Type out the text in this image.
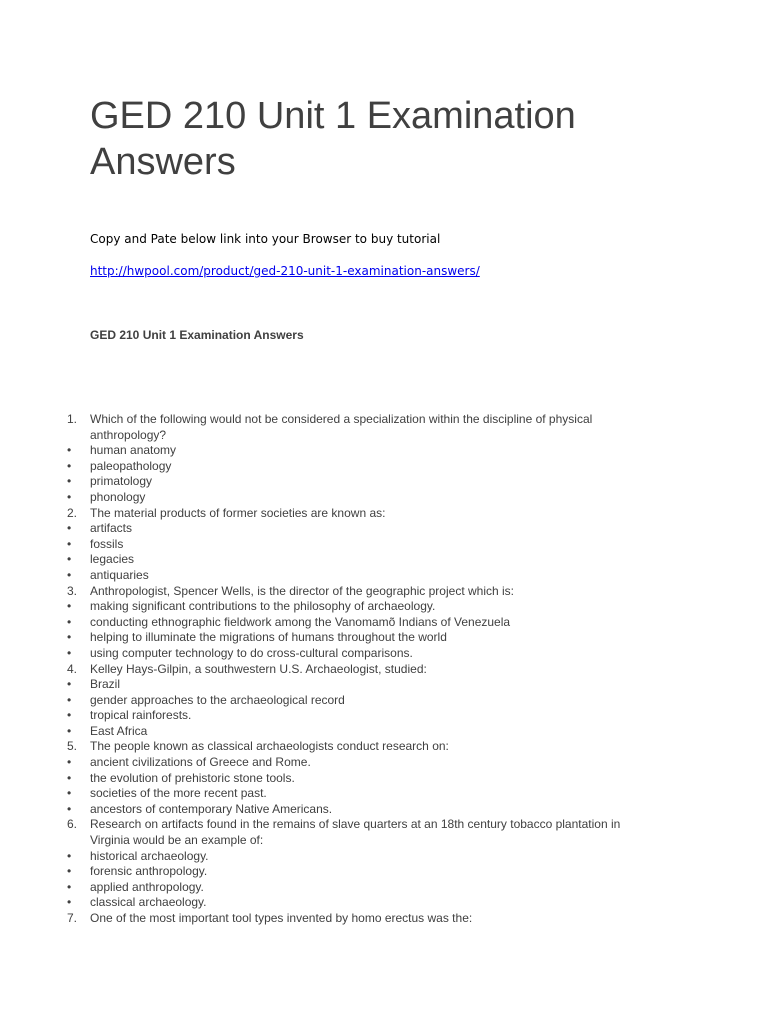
GED 210 Unit 1 Examination Answers

Copy and Pate below link into your Browser to buy tutorial

http://hwpool.com/product/ged-210-unit-1-examination-answers/

GED 210 Unit 1 Examination Answers

1. Which of the following would not be considered a specialization within the discipline of physical anthropology?
• human anatomy
• paleopathology
• primatology
• phonology
2. The material products of former societies are known as:
• artifacts
• fossils
• legacies
• antiquaries
3. Anthropologist, Spencer Wells, is the director of the geographic project which is:
• making significant contributions to the philosophy of archaeology.
• conducting ethnographic fieldwork among the Vanomamõ Indians of Venezuela
• helping to illuminate the migrations of humans throughout the world
• using computer technology to do cross-cultural comparisons.
4. Kelley Hays-Gilpin, a southwestern U.S. Archaeologist, studied:
• Brazil
• gender approaches to the archaeological record
• tropical rainforests.
• East Africa
5. The people known as classical archaeologists conduct research on:
• ancient civilizations of Greece and Rome.
• the evolution of prehistoric stone tools.
• societies of the more recent past.
• ancestors of contemporary Native Americans.
6. Research on artifacts found in the remains of slave quarters at an 18th century tobacco plantation in Virginia would be an example of:
• historical archaeology.
• forensic anthropology.
• applied anthropology.
• classical archaeology.
7. One of the most important tool types invented by homo erectus was the:
